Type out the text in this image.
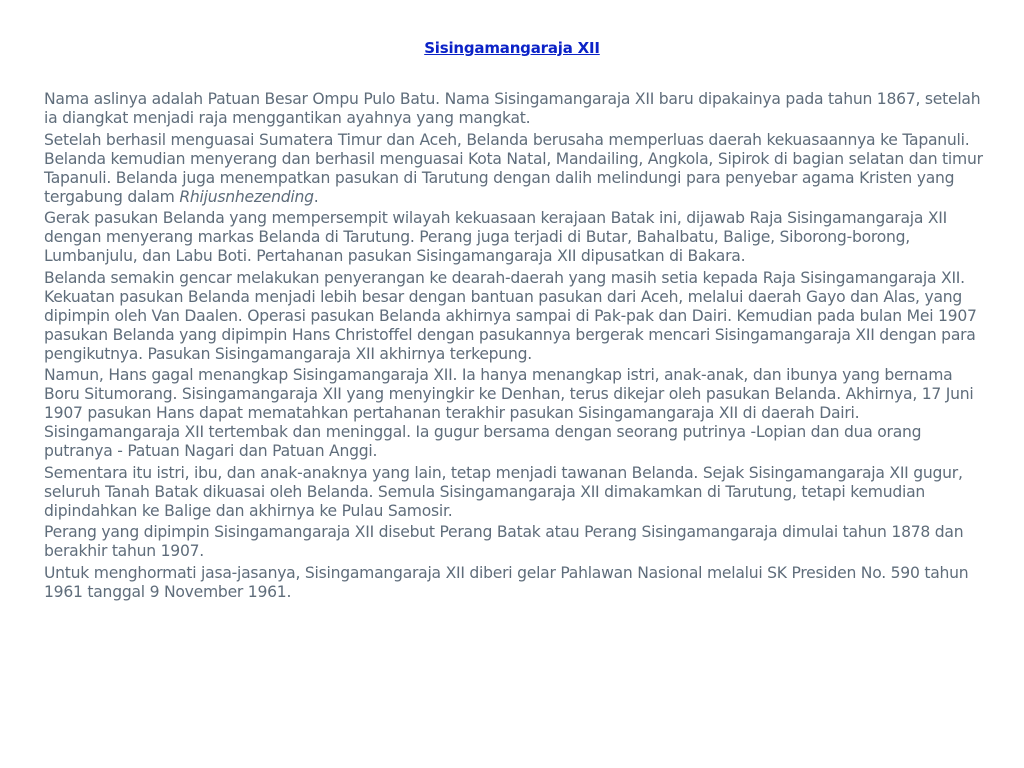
Sisingamangaraja XII

Nama aslinya adalah Patuan Besar Ompu Pulo Batu. Nama Sisingamangaraja XII baru dipakainya pada tahun 1867, setelah ia diangkat menjadi raja menggantikan ayahnya yang mangkat.

Setelah berhasil menguasai Sumatera Timur dan Aceh, Belanda berusaha memperluas daerah kekuasaannya ke Tapanuli. Belanda kemudian menyerang dan berhasil menguasai Kota Natal, Mandailing, Angkola, Sipirok di bagian selatan dan timur Tapanuli. Belanda juga menempatkan pasukan di Tarutung dengan dalih melindungi para penyebar agama Kristen yang tergabung dalam Rhijusnhezending.

Gerak pasukan Belanda yang mempersempit wilayah kekuasaan kerajaan Batak ini, dijawab Raja Sisingamangaraja XII dengan menyerang markas Belanda di Tarutung. Perang juga terjadi di Butar, Bahalbatu, Balige, Siborong-borong, Lumbanjulu, dan Labu Boti. Pertahanan pasukan Sisingamangaraja XII dipusatkan di Bakara.

Belanda semakin gencar melakukan penyerangan ke dearah-daerah yang masih setia kepada Raja Sisingamangaraja XII. Kekuatan pasukan Belanda menjadi lebih besar dengan bantuan pasukan dari Aceh, melalui daerah Gayo dan Alas, yang dipimpin oleh Van Daalen. Operasi pasukan Belanda akhirnya sampai di Pak-pak dan Dairi. Kemudian pada bulan Mei 1907 pasukan Belanda yang dipimpin Hans Christoffel dengan pasukannya bergerak mencari Sisingamangaraja XII dengan para pengikutnya. Pasukan Sisingamangaraja XII akhirnya terkepung.

Namun, Hans gagal menangkap Sisingamangaraja XII. Ia hanya menangkap istri, anak-anak, dan ibunya yang bernama Boru Situmorang. Sisingamangaraja XII yang menyingkir ke Denhan, terus dikejar oleh pasukan Belanda. Akhirnya, 17 Juni 1907 pasukan Hans dapat mematahkan pertahanan terakhir pasukan Sisingamangaraja XII di daerah Dairi. Sisingamangaraja XII tertembak dan meninggal. Ia gugur bersama dengan seorang putrinya -Lopian dan dua orang putranya - Patuan Nagari dan Patuan Anggi.

Sementara itu istri, ibu, dan anak-anaknya yang lain, tetap menjadi tawanan Belanda. Sejak Sisingamangaraja XII gugur, seluruh Tanah Batak dikuasai oleh Belanda. Semula Sisingamangaraja XII dimakamkan di Tarutung, tetapi kemudian dipindahkan ke Balige dan akhirnya ke Pulau Samosir.

Perang yang dipimpin Sisingamangaraja XII disebut Perang Batak atau Perang Sisingamangaraja dimulai tahun 1878 dan berakhir tahun 1907.

Untuk menghormati jasa-jasanya, Sisingamangaraja XII diberi gelar Pahlawan Nasional melalui SK Presiden No. 590 tahun 1961 tanggal 9 November 1961.
